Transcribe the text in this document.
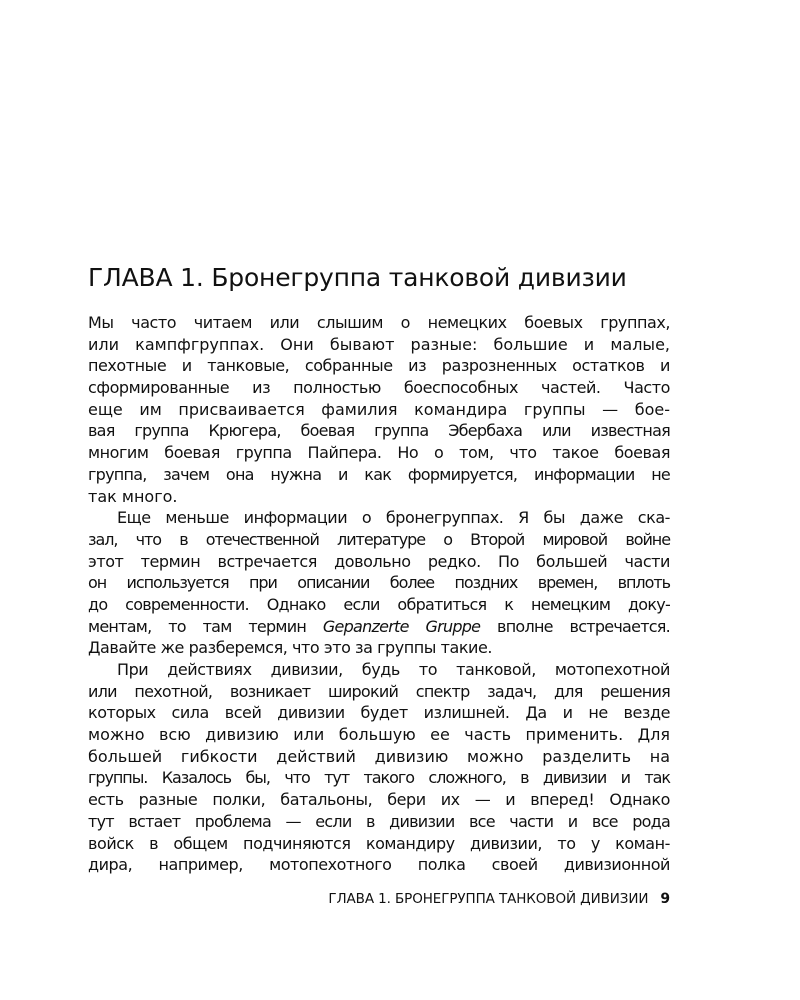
ГЛАВА 1. Бронегруппа танковой дивизии
Мы часто читаем или слышим о немецких боевых группах,
или кампфгруппах. Они бывают разные: большие и малые,
пехотные и танковые, собранные из разрозненных остатков и
сформированные из полностью боеспособных частей. Часто
еще им присваивается фамилия командира группы — бое-
вая группа Крюгера, боевая группа Эбербаха или известная
многим боевая группа Пайпера. Но о том, что такое боевая
группа, зачем она нужна и как формируется, информации не
так много.
Еще меньше информации о бронегруппах. Я бы даже ска-
зал, что в отечественной литературе о Второй мировой войне
этот термин встречается довольно редко. По большей части
он используется при описании более поздних времен, вплоть
до современности. Однако если обратиться к немецким доку-
ментам, то там термин Gepanzerte Gruppe вполне встречается.
Давайте же разберемся, что это за группы такие.
При действиях дивизии, будь то танковой, мотопехотной
или пехотной, возникает широкий спектр задач, для решения
которых сила всей дивизии будет излишней. Да и не везде
можно всю дивизию или большую ее часть применить. Для
большей гибкости действий дивизию можно разделить на
группы. Казалось бы, что тут такого сложного, в дивизии и так
есть разные полки, батальоны, бери их — и вперед! Однако
тут встает проблема — если в дивизии все части и все рода
войск в общем подчиняются командиру дивизии, то у коман-
дира, например, мотопехотного полка своей дивизионной
ГЛАВА 1. БРОНЕГРУППА ТАНКОВОЙ ДИВИЗИИ 9
